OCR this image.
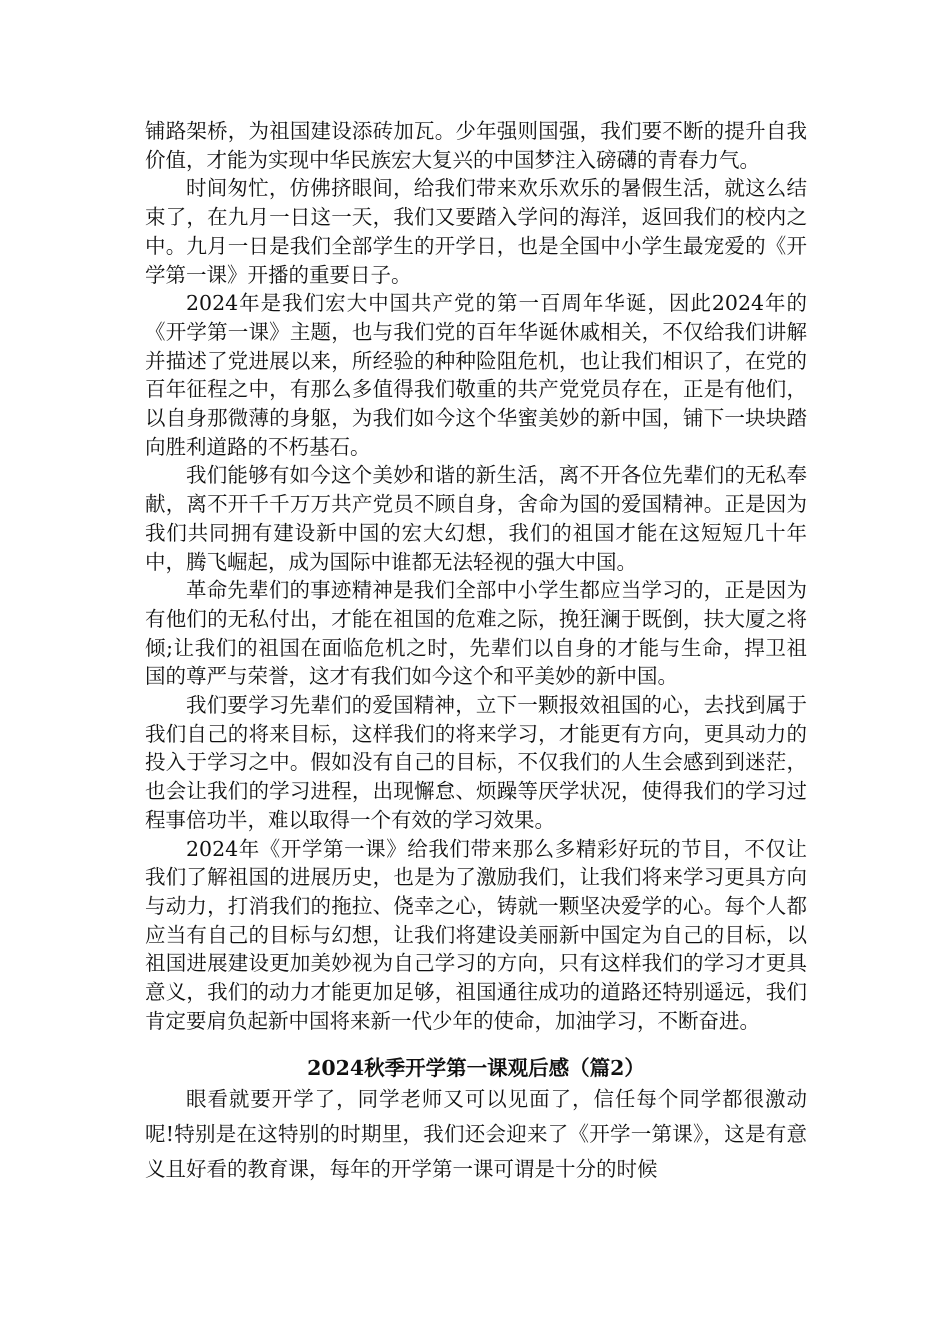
铺路架桥，为祖国建设添砖加瓦。少年强则国强，我们要不断的提升自我价值，才能为实现中华民族宏大复兴的中国梦注入磅礴的青春力气。

时间匆忙，仿佛挤眼间，给我们带来欢乐欢乐的暑假生活，就这么结束了，在九月一日这一天，我们又要踏入学问的海洋，返回我们的校内之中。九月一日是我们全部学生的开学日，也是全国中小学生最宠爱的《开学第一课》开播的重要日子。

2024年是我们宏大中国共产党的第一百周年华诞，因此2024年的《开学第一课》主题，也与我们党的百年华诞休戚相关，不仅给我们讲解并描述了党进展以来，所经验的种种险阻危机，也让我们相识了，在党的百年征程之中，有那么多值得我们敬重的共产党党员存在，正是有他们，以自身那微薄的身躯，为我们如今这个华蜜美妙的新中国，铺下一块块踏向胜利道路的不朽基石。

我们能够有如今这个美妙和谐的新生活，离不开各位先辈们的无私奉献，离不开千千万万共产党员不顾自身，舍命为国的爱国精神。正是因为我们共同拥有建设新中国的宏大幻想，我们的祖国才能在这短短几十年中，腾飞崛起，成为国际中谁都无法轻视的强大中国。

革命先辈们的事迹精神是我们全部中小学生都应当学习的，正是因为有他们的无私付出，才能在祖国的危难之际，挽狂澜于既倒，扶大厦之将倾;让我们的祖国在面临危机之时，先辈们以自身的才能与生命，捍卫祖国的尊严与荣誉，这才有我们如今这个和平美妙的新中国。

我们要学习先辈们的爱国精神，立下一颗报效祖国的心，去找到属于我们自己的将来目标，这样我们的将来学习，才能更有方向，更具动力的投入于学习之中。假如没有自己的目标，不仅我们的人生会感到到迷茫，也会让我们的学习进程，出现懈怠、烦躁等厌学状况，使得我们的学习过程事倍功半，难以取得一个有效的学习效果。

2024年《开学第一课》给我们带来那么多精彩好玩的节目，不仅让我们了解祖国的进展历史，也是为了激励我们，让我们将来学习更具方向与动力，打消我们的拖拉、侥幸之心，铸就一颗坚决爱学的心。每个人都应当有自己的目标与幻想，让我们将建设美丽新中国定为自己的目标，以祖国进展建设更加美妙视为自己学习的方向，只有这样我们的学习才更具意义，我们的动力才能更加足够，祖国通往成功的道路还特别遥远，我们肯定要肩负起新中国将来新一代少年的使命，加油学习，不断奋进。

2024秋季开学第一课观后感（篇2）

眼看就要开学了，同学老师又可以见面了，信任每个同学都很激动呢!特别是在这特别的时期里，我们还会迎来了《开学一第课》，这是有意义且好看的教育课，每年的开学第一课可谓是十分的时候
